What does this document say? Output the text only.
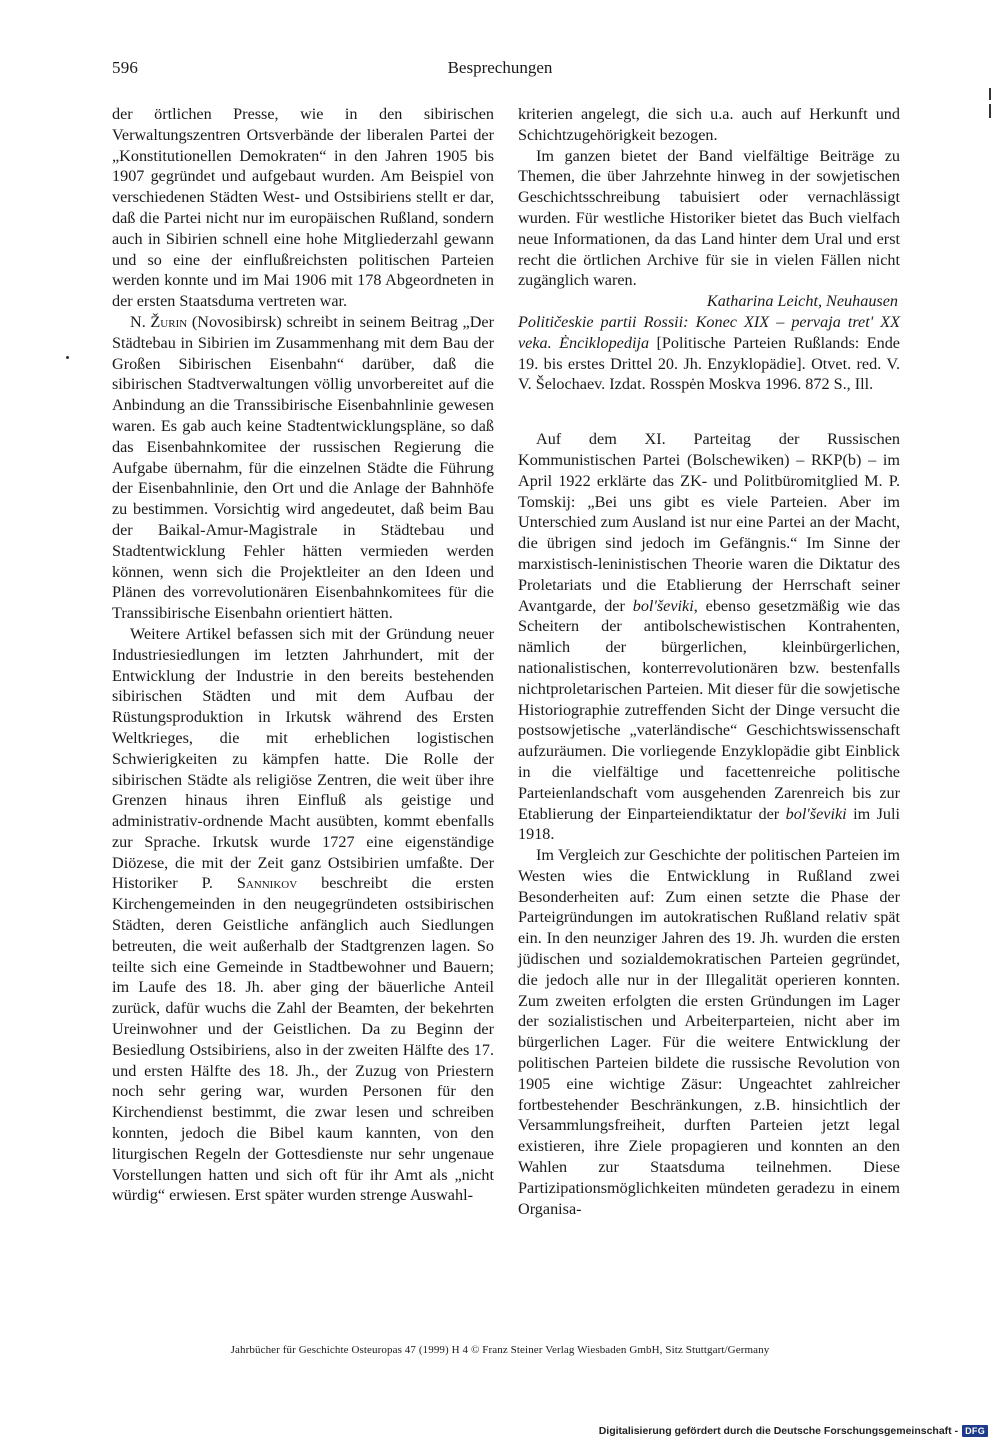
596	Besprechungen

der örtlichen Presse, wie in den sibirischen Verwaltungszentren Ortsverbände der liberalen Partei der „Konstitutionellen Demokraten“ in den Jahren 1905 bis 1907 gegründet und aufgebaut wurden. Am Beispiel von verschiedenen Städten West- und Ostsibiriens stellt er dar, daß die Partei nicht nur im europäischen Rußland, sondern auch in Sibirien schnell eine hohe Mitgliederzahl gewann und so eine der einflußreichsten politischen Parteien werden konnte und im Mai 1906 mit 178 Abgeordneten in der ersten Staatsduma vertreten war.

N. Žurin (Novosibirsk) schreibt in seinem Beitrag „Der Städtebau in Sibirien im Zusammenhang mit dem Bau der Großen Sibirischen Eisenbahn“ darüber, daß die sibirischen Stadtverwaltungen völlig unvorbereitet auf die Anbindung an die Transsibirische Eisenbahnlinie gewesen waren. Es gab auch keine Stadtentwicklungspläne, so daß das Eisenbahnkomitee der russischen Regierung die Aufgabe übernahm, für die einzelnen Städte die Führung der Eisenbahnlinie, den Ort und die Anlage der Bahnhöfe zu bestimmen. Vorsichtig wird angedeutet, daß beim Bau der Baikal-Amur-Magistrale in Städtebau und Stadtentwicklung Fehler hätten vermieden werden können, wenn sich die Projektleiter an den Ideen und Plänen des vorrevolutionären Eisenbahnkomitees für die Transsibirische Eisenbahn orientiert hätten.

Weitere Artikel befassen sich mit der Gründung neuer Industriesiedlungen im letzten Jahrhundert, mit der Entwicklung der Industrie in den bereits bestehenden sibirischen Städten und mit dem Aufbau der Rüstungsproduktion in Irkutsk während des Ersten Weltkrieges, die mit erheblichen logistischen Schwierigkeiten zu kämpfen hatte. Die Rolle der sibirischen Städte als religiöse Zentren, die weit über ihre Grenzen hinaus ihren Einfluß als geistige und administrativ-ordnende Macht ausübten, kommt ebenfalls zur Sprache. Irkutsk wurde 1727 eine eigenständige Diözese, die mit der Zeit ganz Ostsibirien umfaßte. Der Historiker P. Sannikov beschreibt die ersten Kirchengemeinden in den neugegründeten ostsibirischen Städten, deren Geistliche anfänglich auch Siedlungen betreuten, die weit außerhalb der Stadtgrenzen lagen. So teilte sich eine Gemeinde in Stadtbewohner und Bauern; im Laufe des 18. Jh. aber ging der bäuerliche Anteil zurück, dafür wuchs die Zahl der Beamten, der bekehrten Ureinwohner und der Geistlichen. Da zu Beginn der Besiedlung Ostsibiriens, also in der zweiten Hälfte des 17. und ersten Hälfte des 18. Jh., der Zuzug von Priestern noch sehr gering war, wurden Personen für den Kirchendienst bestimmt, die zwar lesen und schreiben konnten, jedoch die Bibel kaum kannten, von den liturgischen Regeln der Gottesdienste nur sehr ungenaue Vorstellungen hatten und sich oft für ihr Amt als „nicht würdig“ erwiesen. Erst später wurden strenge Auswahl-

kriterien angelegt, die sich u.a. auch auf Herkunft und Schichtzugehörigkeit bezogen.

Im ganzen bietet der Band vielfältige Beiträge zu Themen, die über Jahrzehnte hinweg in der sowjetischen Geschichtsschreibung tabuisiert oder vernachlässigt wurden. Für westliche Historiker bietet das Buch vielfach neue Informationen, da das Land hinter dem Ural und erst recht die örtlichen Archive für sie in vielen Fällen nicht zugänglich waren.

Katharina Leicht, Neuhausen

Političeskie partii Rossii: Konec XIX – pervaja tret' XX veka. Ėnciklopedija [Politische Parteien Rußlands: Ende 19. bis erstes Drittel 20. Jh. Enzyklopädie]. Otvet. red. V. V. Šelochaev. Izdat. Rosspėn Moskva 1996. 872 S., Ill.

Auf dem XI. Parteitag der Russischen Kommunistischen Partei (Bolschewiken) – RKP(b) – im April 1922 erklärte das ZK- und Politbüromitglied M. P. Tomskij: „Bei uns gibt es viele Parteien. Aber im Unterschied zum Ausland ist nur eine Partei an der Macht, die übrigen sind jedoch im Gefängnis.“ Im Sinne der marxistisch-leninistischen Theorie waren die Diktatur des Proletariats und die Etablierung der Herrschaft seiner Avantgarde, der bol'ševiki, ebenso gesetzmäßig wie das Scheitern der antibolschewistischen Kontrahenten, nämlich der bürgerlichen, kleinbürgerlichen, nationalistischen, konterrevolutionären bzw. bestenfalls nichtproletarischen Parteien. Mit dieser für die sowjetische Historiographie zutreffenden Sicht der Dinge versucht die postsowjetische „vaterländische“ Geschichtswissenschaft aufzuräumen. Die vorliegende Enzyklopädie gibt Einblick in die vielfältige und facettenreiche politische Parteienlandschaft vom ausgehenden Zarenreich bis zur Etablierung der Einparteiendiktatur der bol'ševiki im Juli 1918.

Im Vergleich zur Geschichte der politischen Parteien im Westen wies die Entwicklung in Rußland zwei Besonderheiten auf: Zum einen setzte die Phase der Parteigründungen im autokratischen Rußland relativ spät ein. In den neunziger Jahren des 19. Jh. wurden die ersten jüdischen und sozialdemokratischen Parteien gegründet, die jedoch alle nur in der Illegalität operieren konnten. Zum zweiten erfolgten die ersten Gründungen im Lager der sozialistischen und Arbeiterparteien, nicht aber im bürgerlichen Lager. Für die weitere Entwicklung der politischen Parteien bildete die russische Revolution von 1905 eine wichtige Zäsur: Ungeachtet zahlreicher fortbestehender Beschränkungen, z.B. hinsichtlich der Versammlungsfreiheit, durften Parteien jetzt legal existieren, ihre Ziele propagieren und konnten an den Wahlen zur Staatsduma teilnehmen. Diese Partizipationsmöglichkeiten mündeten geradezu in einem Organisa-

Jahrbücher für Geschichte Osteuropas 47 (1999) H 4 © Franz Steiner Verlag Wiesbaden GmbH, Sitz Stuttgart/Germany
Digitalisierung gefördert durch die Deutsche Forschungsgemeinschaft - DFG
